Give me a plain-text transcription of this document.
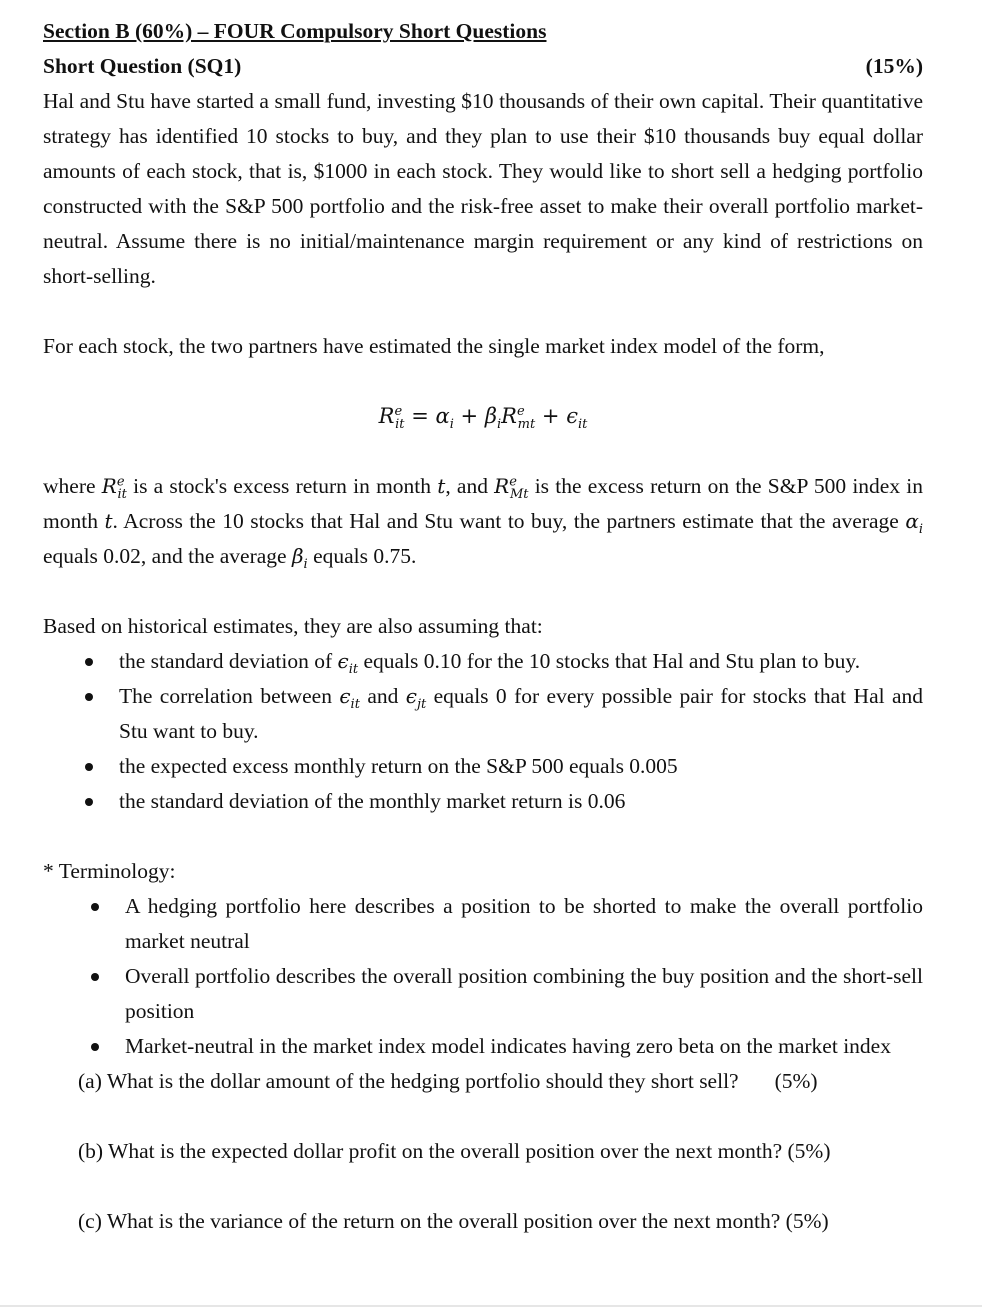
Section B (60%) – FOUR Compulsory Short Questions
Short Question (SQ1)	(15%)

Hal and Stu have started a small fund, investing $10 thousands of their own capital. Their quantitative strategy has identified 10 stocks to buy, and they plan to use their $10 thousands buy equal dollar amounts of each stock, that is, $1000 in each stock. They would like to short sell a hedging portfolio constructed with the S&P 500 portfolio and the risk-free asset to make their overall portfolio market-neutral. Assume there is no initial/maintenance margin requirement or any kind of restrictions on short-selling.

For each stock, the two partners have estimated the single market index model of the form,

$R^e_{it} = \alpha_i + \beta_iR^e_{mt} + \epsilon_{it}$

where $R^e_{it}$ is a stock's excess return in month t, and $R^e_{Mt}$ is the excess return on the S&P 500 index in month t. Across the 10 stocks that Hal and Stu want to buy, the partners estimate that the average $\alpha_i$ equals 0.02, and the average $\beta_i$ equals 0.75.

Based on historical estimates, they are also assuming that:
the standard deviation of $\epsilon_{it}$ equals 0.10 for the 10 stocks that Hal and Stu plan to buy.
The correlation between $\epsilon_{it}$ and $\epsilon_{jt}$ equals 0 for every possible pair for stocks that Hal and Stu want to buy.
the expected excess monthly return on the S&P 500 equals 0.005
the standard deviation of the monthly market return is 0.06
* Terminology:
A hedging portfolio here describes a position to be shorted to make the overall portfolio market neutral
Overall portfolio describes the overall position combining the buy position and the short-sell position
Market-neutral in the market index model indicates having zero beta on the market index
(a) What is the dollar amount of the hedging portfolio should they short sell? (5%)
(b) What is the expected dollar profit on the overall position over the next month? (5%)
(c) What is the variance of the return on the overall position over the next month? (5%)
